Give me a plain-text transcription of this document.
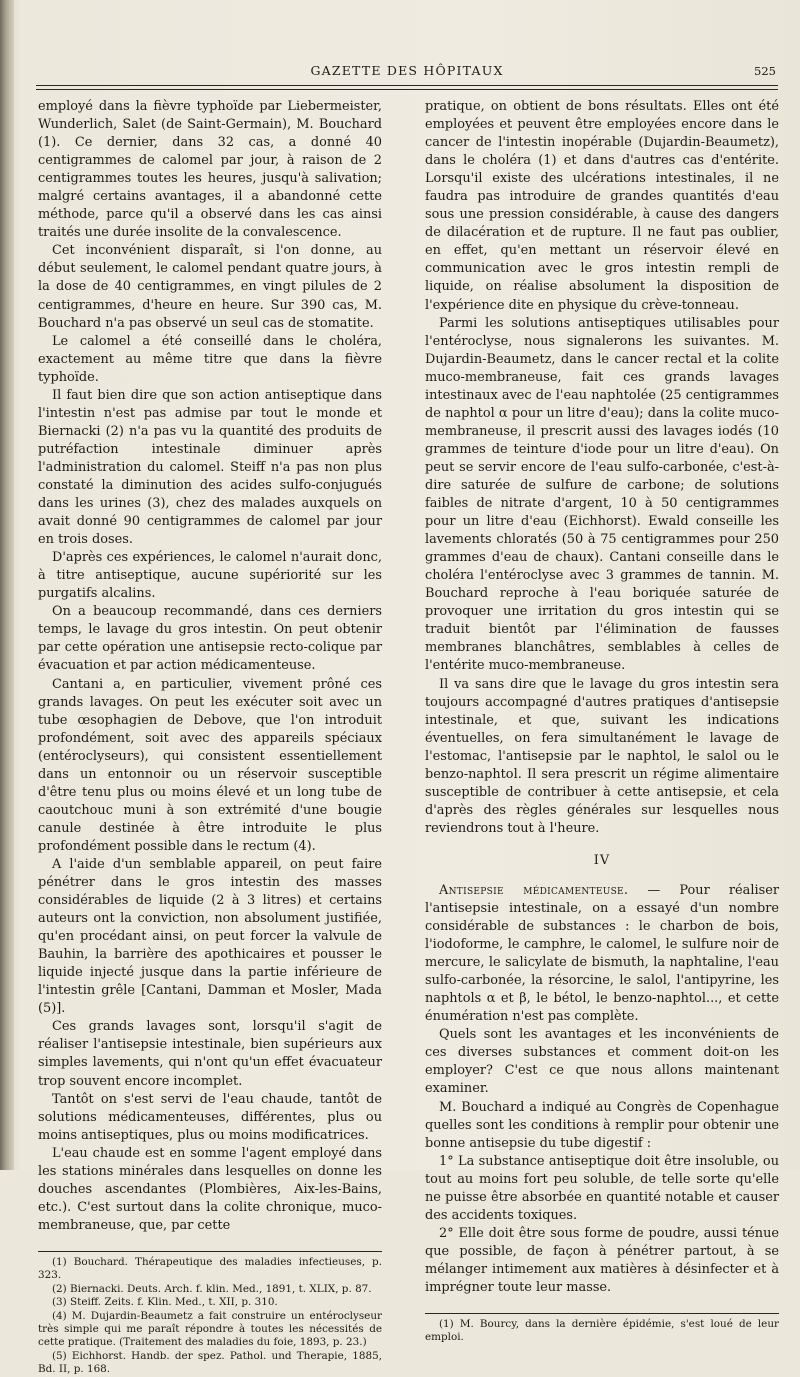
GAZETTE DES HÔPITAUX	525

employé dans la fièvre typhoïde par Liebermeister, Wunderlich, Salet (de Saint-Germain), M. Bouchard (1). Ce dernier, dans 32 cas, a donné 40 centigrammes de calomel par jour, à raison de 2 centigrammes toutes les heures, jusqu'à salivation; malgré certains avantages, il a abandonné cette méthode, parce qu'il a observé dans les cas ainsi traités une durée insolite de la convalescence.

Cet inconvénient disparaît, si l'on donne, au début seulement, le calomel pendant quatre jours, à la dose de 40 centigrammes, en vingt pilules de 2 centigrammes, d'heure en heure. Sur 390 cas, M. Bouchard n'a pas observé un seul cas de stomatite.

Le calomel a été conseillé dans le choléra, exactement au même titre que dans la fièvre typhoïde.

Il faut bien dire que son action antiseptique dans l'intestin n'est pas admise par tout le monde et Biernacki (2) n'a pas vu la quantité des produits de putréfaction intestinale diminuer après l'administration du calomel. Steiff n'a pas non plus constaté la diminution des acides sulfo-conjugués dans les urines (3), chez des malades auxquels on avait donné 90 centigrammes de calomel par jour en trois doses.

D'après ces expériences, le calomel n'aurait donc, à titre antiseptique, aucune supériorité sur les purgatifs alcalins.

On a beaucoup recommandé, dans ces derniers temps, le lavage du gros intestin. On peut obtenir par cette opération une antisepsie recto-colique par évacuation et par action médicamenteuse.

Cantani a, en particulier, vivement prôné ces grands lavages. On peut les exécuter soit avec un tube œsophagien de Debove, que l'on introduit profondément, soit avec des appareils spéciaux (entéroclyseurs), qui consistent essentiellement dans un entonnoir ou un réservoir susceptible d'être tenu plus ou moins élevé et un long tube de caoutchouc muni à son extrémité d'une bougie canule destinée à être introduite le plus profondément possible dans le rectum (4).

A l'aide d'un semblable appareil, on peut faire pénétrer dans le gros intestin des masses considérables de liquide (2 à 3 litres) et certains auteurs ont la conviction, non absolument justifiée, qu'en procédant ainsi, on peut forcer la valvule de Bauhin, la barrière des apothicaires et pousser le liquide injecté jusque dans la partie inférieure de l'intestin grêle [Cantani, Damman et Mosler, Mada (5)].

Ces grands lavages sont, lorsqu'il s'agit de réaliser l'antisepsie intestinale, bien supérieurs aux simples lavements, qui n'ont qu'un effet évacuateur trop souvent encore incomplet.

Tantôt on s'est servi de l'eau chaude, tantôt de solutions médicamenteuses, différentes, plus ou moins antiseptiques, plus ou moins modificatrices.

L'eau chaude est en somme l'agent employé dans les stations minérales dans lesquelles on donne les douches ascendantes (Plombières, Aix-les-Bains, etc.). C'est surtout dans la colite chronique, muco-membraneuse, que, par cette

(1) Bouchard. Thérapeutique des maladies infectieuses, p. 323.

(2) Biernacki. Deuts. Arch. f. klin. Med., 1891, t. XLIX, p. 87.

(3) Steiff. Zeits. f. Klin. Med., t. XII, p. 310.

(4) M. Dujardin-Beaumetz a fait construire un entéroclyseur très simple qui me paraît répondre à toutes les nécessités de cette pratique. (Traitement des maladies du foie, 1893, p. 23.)

(5) Eichhorst. Handb. der spez. Pathol. und Therapie, 1885, Bd. II, p. 168.

pratique, on obtient de bons résultats. Elles ont été employées et peuvent être employées encore dans le cancer de l'intestin inopérable (Dujardin-Beaumetz), dans le choléra (1) et dans d'autres cas d'entérite. Lorsqu'il existe des ulcérations intestinales, il ne faudra pas introduire de grandes quantités d'eau sous une pression considérable, à cause des dangers de dilacération et de rupture. Il ne faut pas oublier, en effet, qu'en mettant un réservoir élevé en communication avec le gros intestin rempli de liquide, on réalise absolument la disposition de l'expérience dite en physique du crève-tonneau.

Parmi les solutions antiseptiques utilisables pour l'entéroclyse, nous signalerons les suivantes. M. Dujardin-Beaumetz, dans le cancer rectal et la colite muco-membraneuse, fait ces grands lavages intestinaux avec de l'eau naphtolée (25 centigrammes de naphtol α pour un litre d'eau); dans la colite muco-membraneuse, il prescrit aussi des lavages iodés (10 grammes de teinture d'iode pour un litre d'eau). On peut se servir encore de l'eau sulfo-carbonée, c'est-à-dire saturée de sulfure de carbone; de solutions faibles de nitrate d'argent, 10 à 50 centigrammes pour un litre d'eau (Eichhorst). Ewald conseille les lavements chloratés (50 à 75 centigrammes pour 250 grammes d'eau de chaux). Cantani conseille dans le choléra l'entéroclyse avec 3 grammes de tannin. M. Bouchard reproche à l'eau boriquée saturée de provoquer une irritation du gros intestin qui se traduit bientôt par l'élimination de fausses membranes blanchâtres, semblables à celles de l'entérite muco-membraneuse.

Il va sans dire que le lavage du gros intestin sera toujours accompagné d'autres pratiques d'antisepsie intestinale, et que, suivant les indications éventuelles, on fera simultanément le lavage de l'estomac, l'antisepsie par le naphtol, le salol ou le benzo-naphtol. Il sera prescrit un régime alimentaire susceptible de contribuer à cette antisepsie, et cela d'après des règles générales sur lesquelles nous reviendrons tout à l'heure.

IV

Antisepsie médicamenteuse. — Pour réaliser l'antisepsie intestinale, on a essayé d'un nombre considérable de substances : le charbon de bois, l'iodoforme, le camphre, le calomel, le sulfure noir de mercure, le salicylate de bismuth, la naphtaline, l'eau sulfo-carbonée, la résorcine, le salol, l'antipyrine, les naphtols α et β, le bétol, le benzo-naphtol..., et cette énumération n'est pas complète.

Quels sont les avantages et les inconvénients de ces diverses substances et comment doit-on les employer? C'est ce que nous allons maintenant examiner.

M. Bouchard a indiqué au Congrès de Copenhague quelles sont les conditions à remplir pour obtenir une bonne antisepsie du tube digestif :

1° La substance antiseptique doit être insoluble, ou tout au moins fort peu soluble, de telle sorte qu'elle ne puisse être absorbée en quantité notable et causer des accidents toxiques.

2° Elle doit être sous forme de poudre, aussi ténue que possible, de façon à pénétrer partout, à se mélanger intimement aux matières à désinfecter et à imprégner toute leur masse.

(1) M. Bourcy, dans la dernière épidémie, s'est loué de leur emploi.
